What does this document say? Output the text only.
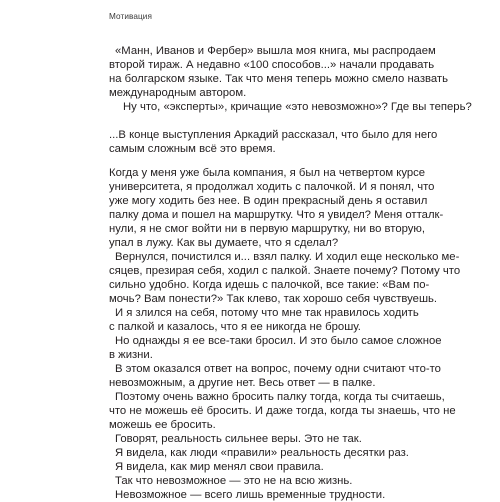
Мотивация
«Манн, Иванов и Фербер» вышла моя книга, мы распродаем
второй тираж. А недавно «100 способов...» начали продавать
на болгарском языке. Так что меня теперь можно смело назвать
международным автором.
Ну что, «эксперты», кричащие «это невозможно»? Где вы теперь?
...В конце выступления Аркадий рассказал, что было для него
самым сложным всё это время.
Когда у меня уже была компания, я был на четвертом курсе
университета, я продолжал ходить с палочкой. И я понял, что
уже могу ходить без нее. В один прекрасный день я оставил
палку дома и пошел на маршрутку. Что я увидел? Меня отталк-
нули, я не смог войти ни в первую маршрутку, ни во вторую,
упал в лужу. Как вы думаете, что я сделал?
Вернулся, почистился и... взял палку. И ходил еще несколько ме-
сяцев, презирая себя, ходил с палкой. Знаете почему? Потому что
сильно удобно. Когда идешь с палочкой, все такие: «Вам по-
мочь? Вам понести?» Так клево, так хорошо себя чувствуешь.
И я злился на себя, потому что мне так нравилось ходить
с палкой и казалось, что я ее никогда не брошу.
Но однажды я ее все-таки бросил. И это было самое сложное
в жизни.
В этом оказался ответ на вопрос, почему одни считают что-то
невозможным, а другие нет. Весь ответ — в палке.
Поэтому очень важно бросить палку тогда, когда ты считаешь,
что не можешь её бросить. И даже тогда, когда ты знаешь, что не
можешь ее бросить.
Говорят, реальность сильнее веры. Это не так.
Я видела, как люди «правили» реальность десятки раз.
Я видела, как мир менял свои правила.
Так что невозможное — это не на всю жизнь.
Невозможное — всего лишь временные трудности.
